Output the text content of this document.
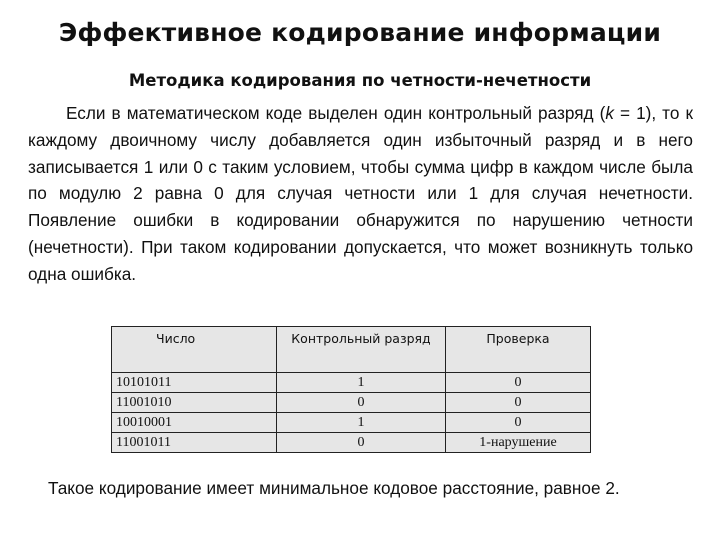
Эффективное кодирование информации
Методика кодирования по четности-нечетности

Если в математическом коде выделен один контрольный разряд (k = 1), то к каждому двоичному числу добавляется один избыточный разряд и в него записывается 1 или 0 с таким условием, чтобы сумма цифр в каждом числе была по модулю 2 равна 0 для случая четности или 1 для случая нечетности. Появление ошибки в кодировании обнаружится по нарушению четности (нечетности). При таком кодировании допускается, что может возникнуть только одна ошибка.

Число	Контрольный разряд	Проверка
10101011	1	0
11001010	0	0
10010001	1	0
11001011	0	1-нарушение

Такое кодирование имеет минимальное кодовое расстояние, равное 2.
